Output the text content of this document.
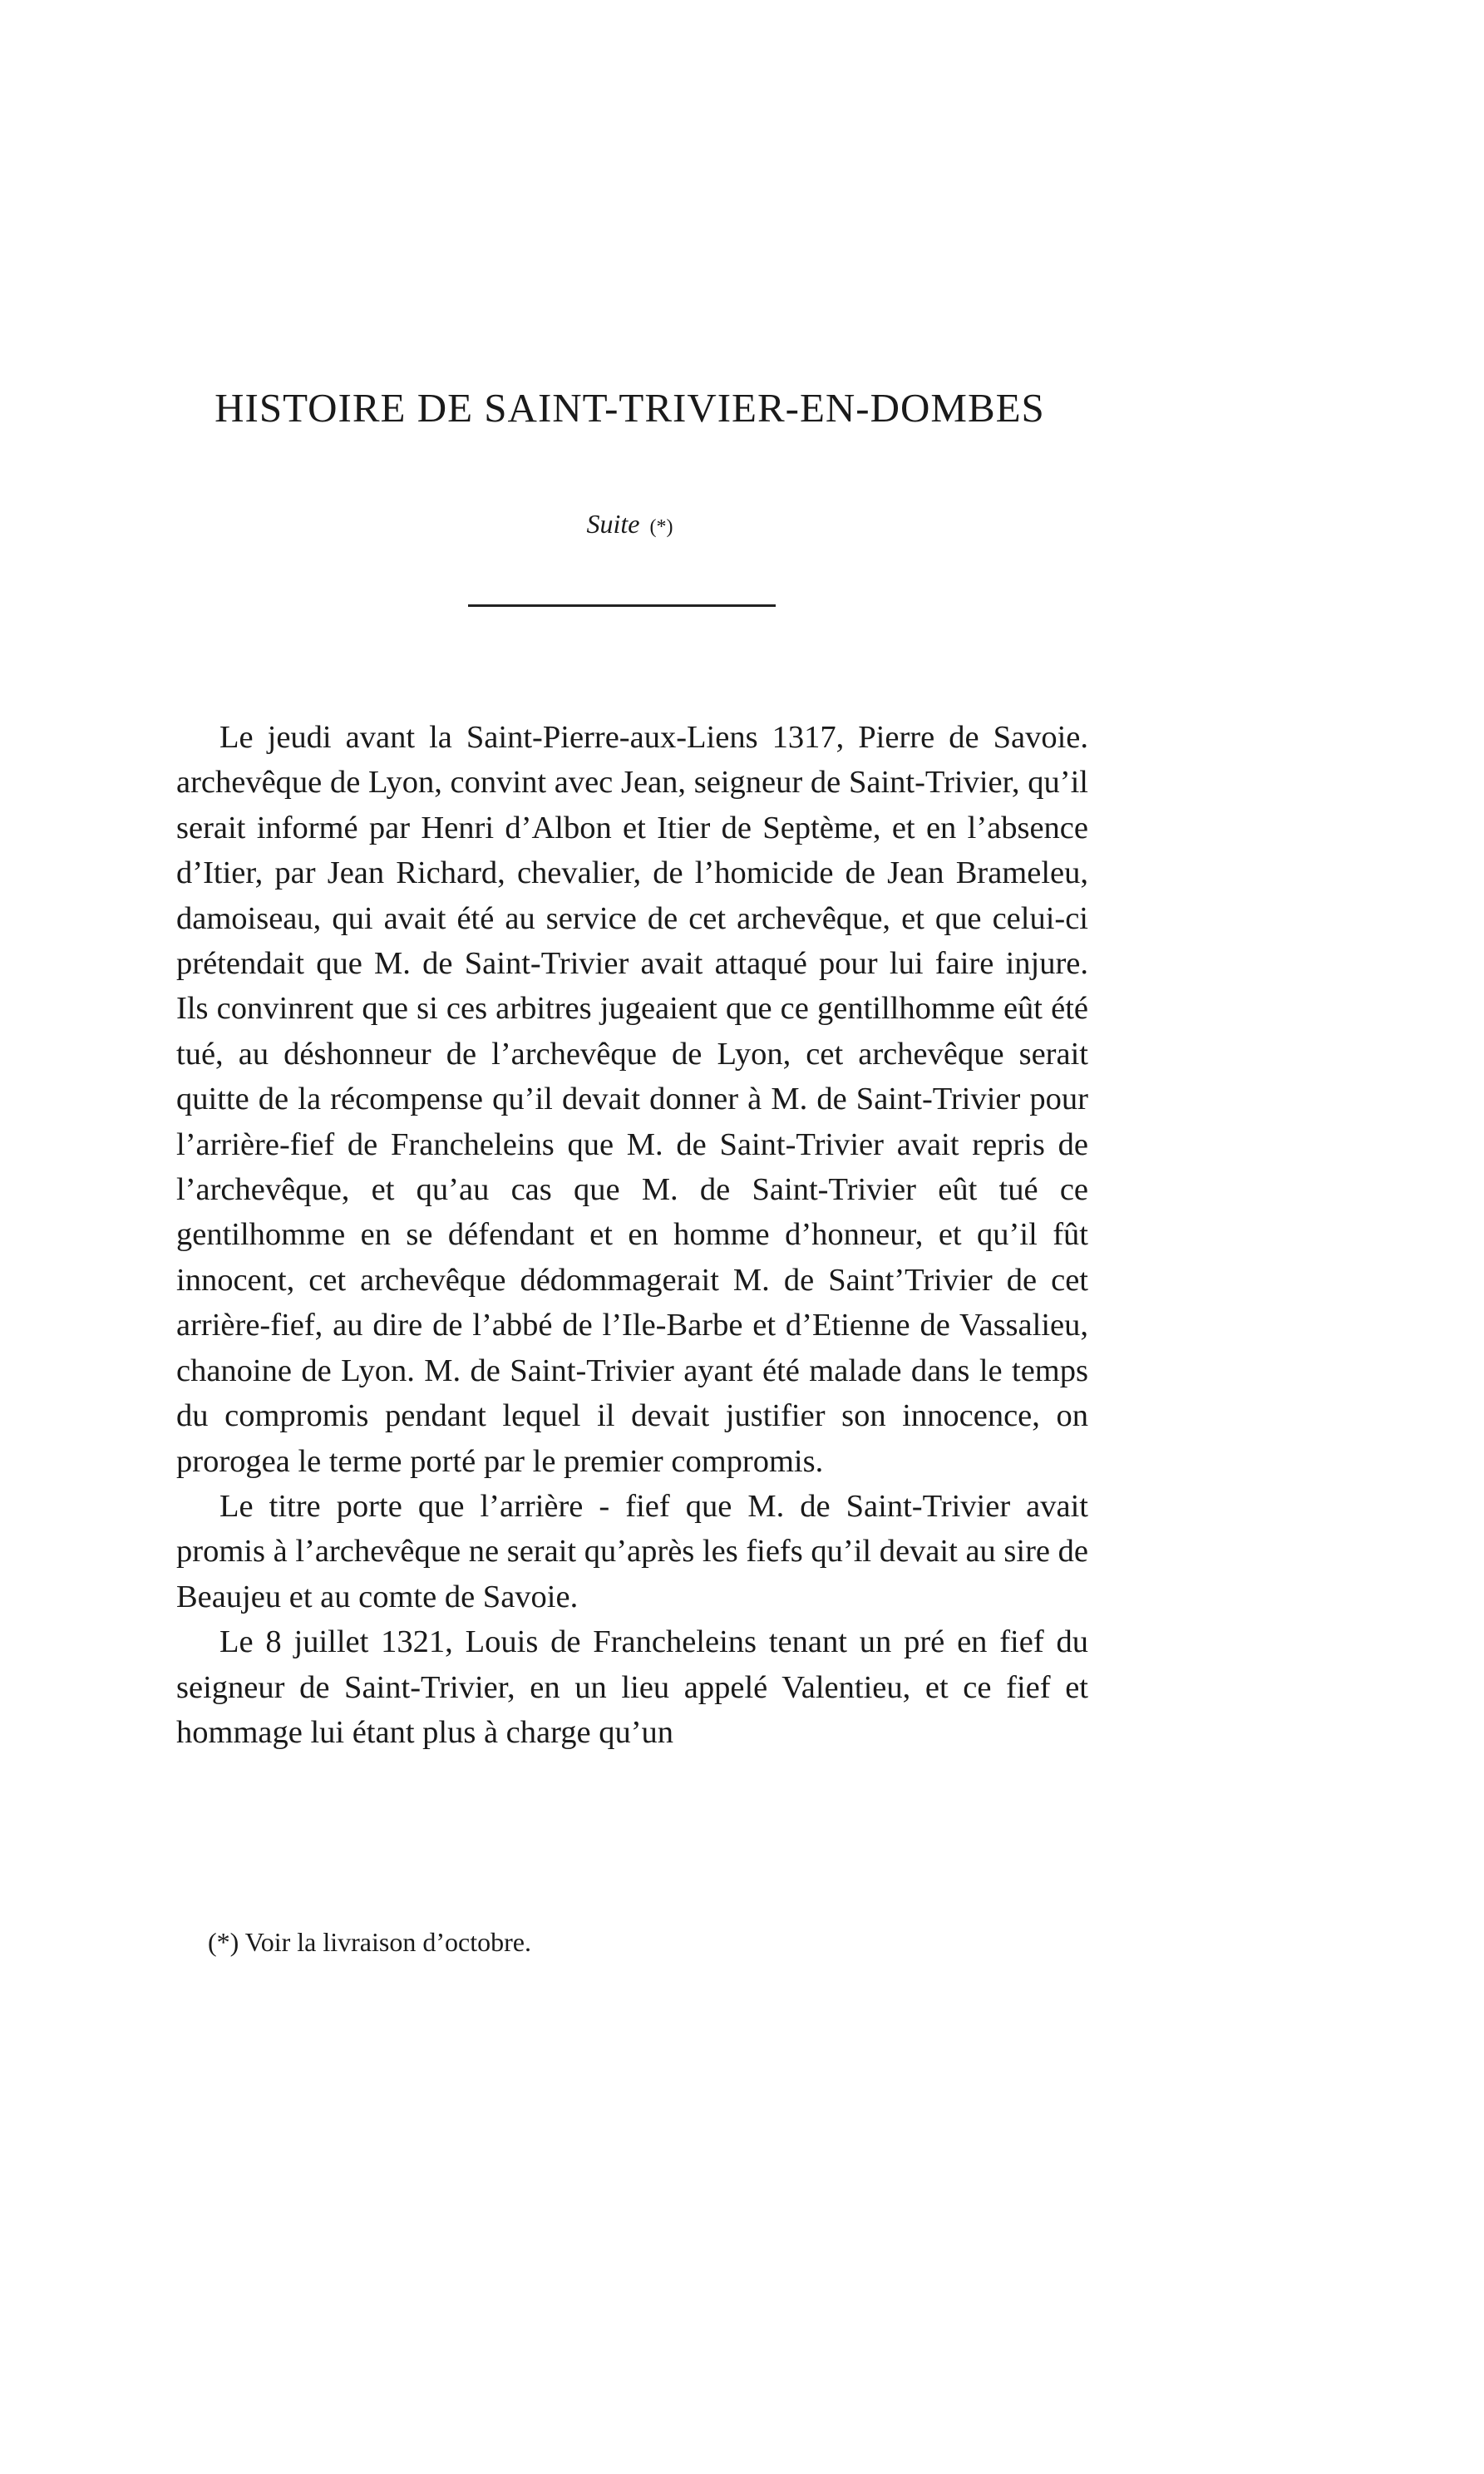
HISTOIRE DE SAINT-TRIVIER-EN-DOMBES
Suite (*)

Le jeudi avant la Saint-Pierre-aux-Liens 1317, Pierre de Savoie. archevêque de Lyon, convint avec Jean, seigneur de Saint-Trivier, qu’il serait informé par Henri d’Albon et Itier de Septème, et en l’absence d’Itier, par Jean Richard, chevalier, de l’homicide de Jean Brameleu, damoiseau, qui avait été au service de cet archevêque, et que celui-ci prétendait que M. de Saint-Trivier avait attaqué pour lui faire injure. Ils convinrent que si ces arbitres jugeaient que ce gentillhomme eût été tué, au déshonneur de l’archevêque de Lyon, cet archevêque serait quitte de la récompense qu’il devait donner à M. de Saint-Trivier pour l’arrière-fief de Francheleins que M. de Saint-Trivier avait repris de l’archevêque, et qu’au cas que M. de Saint-Trivier eût tué ce gentilhomme en se défendant et en homme d’honneur, et qu’il fût innocent, cet archevêque dédommagerait M. de Saint’Trivier de cet arrière-fief, au dire de l’abbé de l’Ile-Barbe et d’Etienne de Vassalieu, chanoine de Lyon. M. de Saint-Trivier ayant été malade dans le temps du compromis pendant lequel il devait justifier son innocence, on prorogea le terme porté par le premier compromis.

Le titre porte que l’arrière - fief que M. de Saint-Trivier avait promis à l’archevêque ne serait qu’après les fiefs qu’il devait au sire de Beaujeu et au comte de Savoie.

Le 8 juillet 1321, Louis de Francheleins tenant un pré en fief du seigneur de Saint-Trivier, en un lieu appelé Valentieu, et ce fief et hommage lui étant plus à charge qu’un

(*) Voir la livraison d’octobre.
